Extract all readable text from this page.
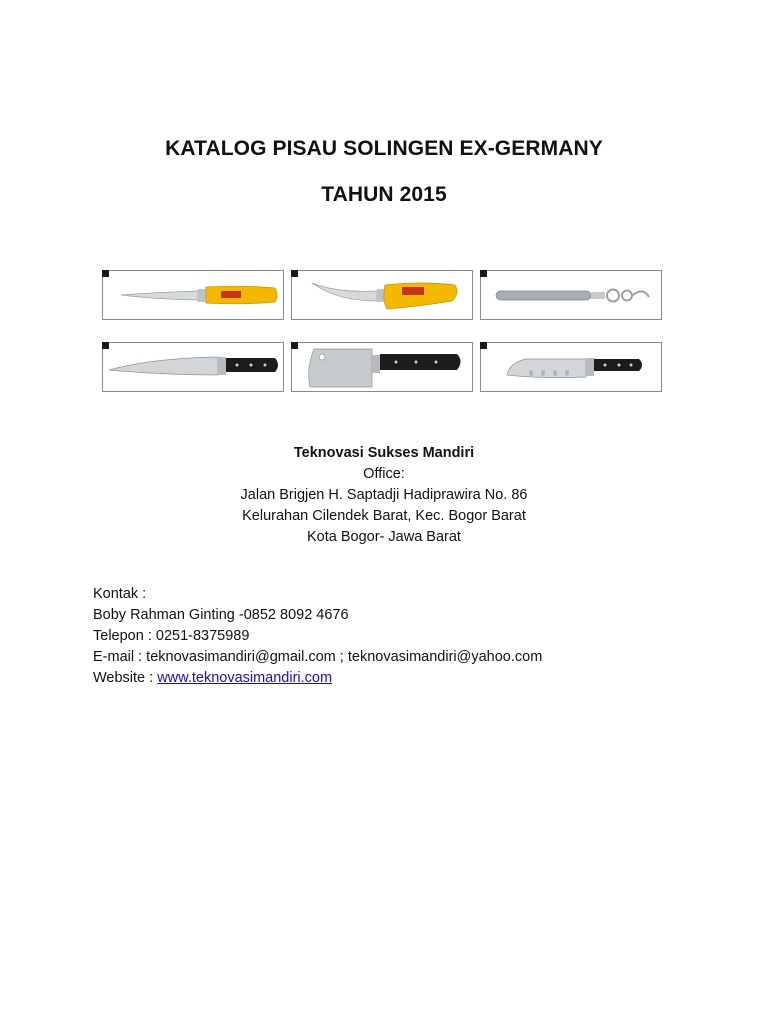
KATALOG PISAU SOLINGEN EX-GERMANY
TAHUN 2015
Teknovasi Sukses Mandiri
Office:
Jalan Brigjen H. Saptadji Hadiprawira No. 86
Kelurahan Cilendek Barat, Kec. Bogor Barat
Kota Bogor- Jawa Barat
Kontak :
Boby Rahman Ginting -0852 8092 4676
Telepon : 0251-8375989
E-mail : teknovasimandiri@gmail.com ; teknovasimandiri@yahoo.com
Website : www.teknovasimandiri.com
